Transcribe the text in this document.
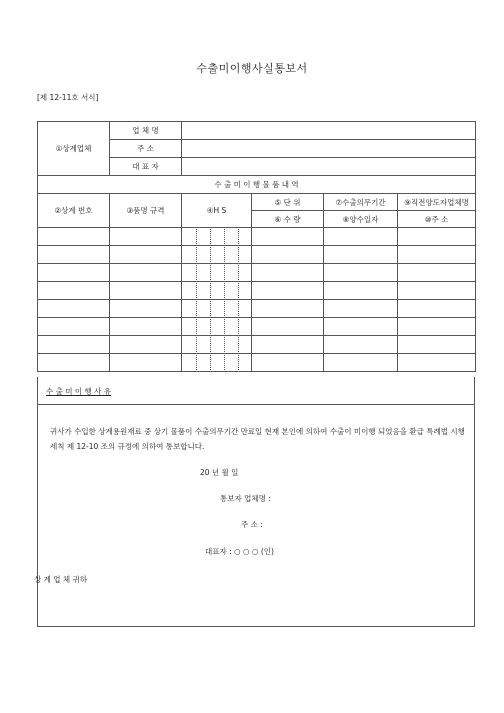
수출미이행사실통보서
[제 12-11호 서식]
①상계업체	업 체 명				
	주 소				
	대 표 자				
수 출 미 이 행 물 품 내 역					
②상계 번호	③품명 규격	④H S	⑤ 단 위	⑦수출의무기간	⑨직전양도자업체명
			⑥ 수 량	⑧양수일자	⑩주 소

수 출 미 이 행 사 유
귀사가 수입한 상계용원재료 중 상기 물품이 수출의무기간 만료일 현재 본인에 의하여 수출이 미이행 되었음을 환급 특례법 시행세칙 제 12-10 조의 규정에 의하여 통보합니다.
20 년 월 일
통보자 업체명 :
주 소 :
대표자 : ○ ○ ○ (인)
상 계 업 체 귀하
